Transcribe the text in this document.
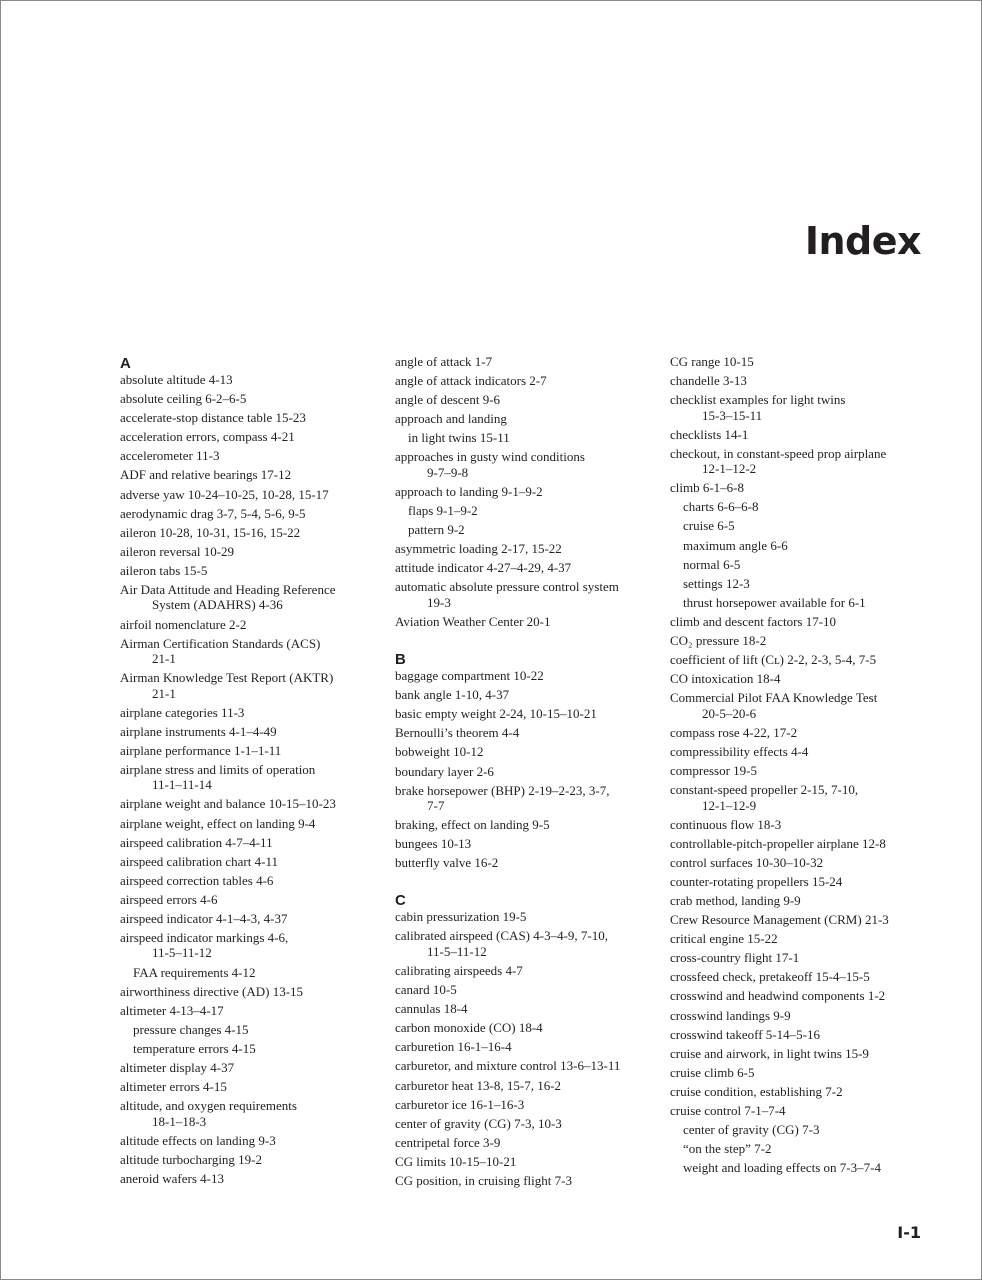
Index
A
absolute altitude 4-13
absolute ceiling 6-2–6-5
accelerate-stop distance table 15-23
acceleration errors, compass 4-21
accelerometer 11-3
ADF and relative bearings 17-12
adverse yaw 10-24–10-25, 10-28, 15-17
aerodynamic drag 3-7, 5-4, 5-6, 9-5
aileron 10-28, 10-31, 15-16, 15-22
aileron reversal 10-29
aileron tabs 15-5
Air Data Attitude and Heading Reference
System (ADAHRS) 4-36
airfoil nomenclature 2-2
Airman Certification Standards (ACS)
21-1
Airman Knowledge Test Report (AKTR)
21-1
airplane categories 11-3
airplane instruments 4-1–4-49
airplane performance 1-1–1-11
airplane stress and limits of operation
11-1–11-14
airplane weight and balance 10-15–10-23
airplane weight, effect on landing 9-4
airspeed calibration 4-7–4-11
airspeed calibration chart 4-11
airspeed correction tables 4-6
airspeed errors 4-6
airspeed indicator 4-1–4-3, 4-37
airspeed indicator markings 4-6,
11-5–11-12
FAA requirements 4-12
airworthiness directive (AD) 13-15
altimeter 4-13–4-17
pressure changes 4-15
temperature errors 4-15
altimeter display 4-37
altimeter errors 4-15
altitude, and oxygen requirements
18-1–18-3
altitude effects on landing 9-3
altitude turbocharging 19-2
aneroid wafers 4-13
angle of attack 1-7
angle of attack indicators 2-7
angle of descent 9-6
approach and landing
in light twins 15-11
approaches in gusty wind conditions
9-7–9-8
approach to landing 9-1–9-2
flaps 9-1–9-2
pattern 9-2
asymmetric loading 2-17, 15-22
attitude indicator 4-27–4-29, 4-37
automatic absolute pressure control system
19-3
Aviation Weather Center 20-1
B
baggage compartment 10-22
bank angle 1-10, 4-37
basic empty weight 2-24, 10-15–10-21
Bernoulli’s theorem 4-4
bobweight 10-12
boundary layer 2-6
brake horsepower (BHP) 2-19–2-23, 3-7,
7-7
braking, effect on landing 9-5
bungees 10-13
butterfly valve 16-2
C
cabin pressurization 19-5
calibrated airspeed (CAS) 4-3–4-9, 7-10,
11-5–11-12
calibrating airspeeds 4-7
canard 10-5
cannulas 18-4
carbon monoxide (CO) 18-4
carburetion 16-1–16-4
carburetor, and mixture control 13-6–13-11
carburetor heat 13-8, 15-7, 16-2
carburetor ice 16-1–16-3
center of gravity (CG) 7-3, 10-3
centripetal force 3-9
CG limits 10-15–10-21
CG position, in cruising flight 7-3
CG range 10-15
chandelle 3-13
checklist examples for light twins
15-3–15-11
checklists 14-1
checkout, in constant-speed prop airplane
12-1–12-2
climb 6-1–6-8
charts 6-6–6-8
cruise 6-5
maximum angle 6-6
normal 6-5
settings 12-3
thrust horsepower available for 6-1
climb and descent factors 17-10
CO₂ pressure 18-2
coefficient of lift (Cʟ) 2-2, 2-3, 5-4, 7-5
CO intoxication 18-4
Commercial Pilot FAA Knowledge Test
20-5–20-6
compass rose 4-22, 17-2
compressibility effects 4-4
compressor 19-5
constant-speed propeller 2-15, 7-10,
12-1–12-9
continuous flow 18-3
controllable-pitch-propeller airplane 12-8
control surfaces 10-30–10-32
counter-rotating propellers 15-24
crab method, landing 9-9
Crew Resource Management (CRM) 21-3
critical engine 15-22
cross-country flight 17-1
crossfeed check, pretakeoff 15-4–15-5
crosswind and headwind components 1-2
crosswind landings 9-9
crosswind takeoff 5-14–5-16
cruise and airwork, in light twins 15-9
cruise climb 6-5
cruise condition, establishing 7-2
cruise control 7-1–7-4
center of gravity (CG) 7-3
“on the step” 7-2
weight and loading effects on 7-3–7-4
I-1
